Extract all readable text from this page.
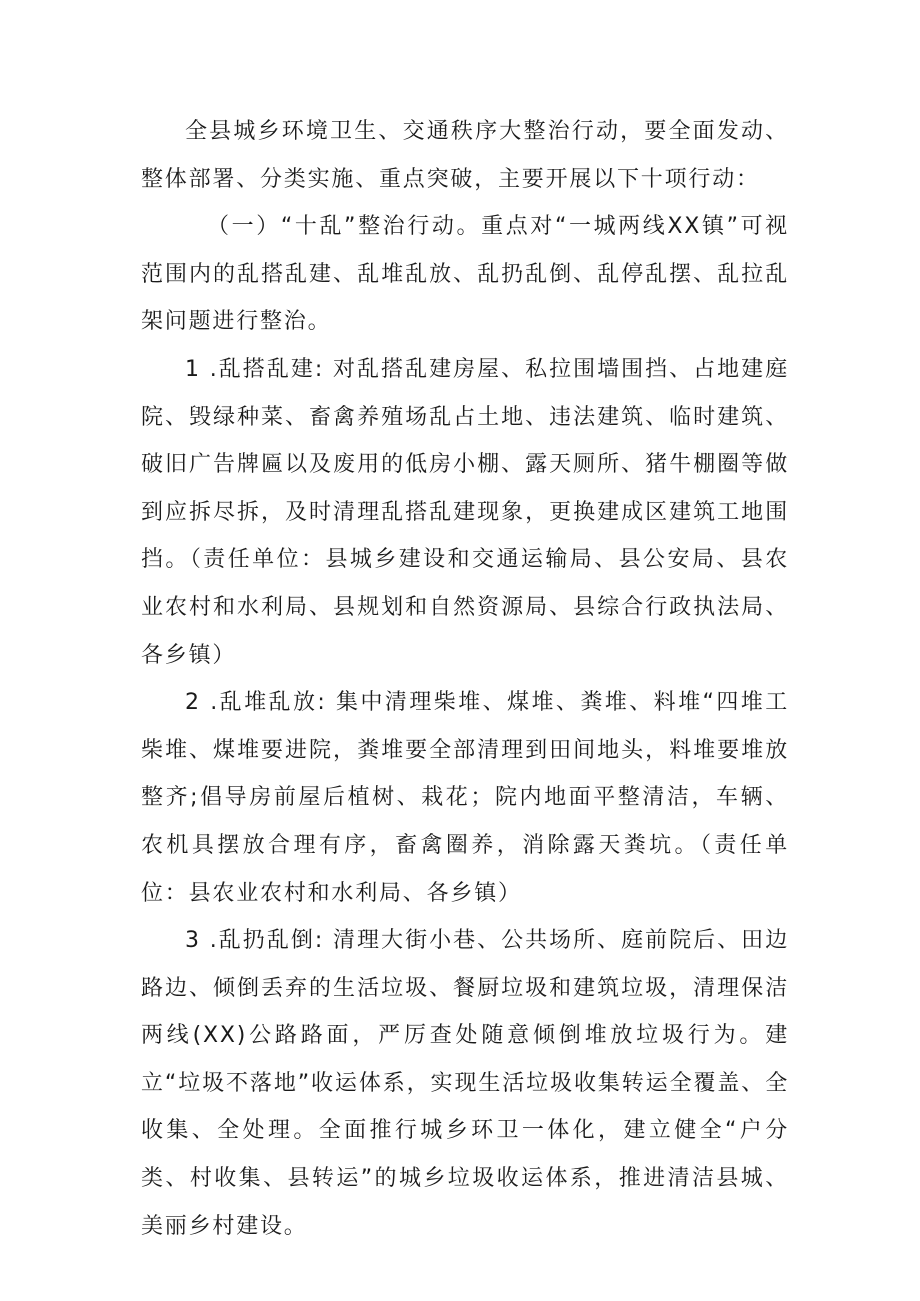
全县城乡环境卫生、交通秩序大整治行动，要全面发动、整体部署、分类实施、重点突破，主要开展以下十项行动：

（一）“十乱”整治行动。重点对“一城两线XX镇”可视范围内的乱搭乱建、乱堆乱放、乱扔乱倒、乱停乱摆、乱拉乱架问题进行整治。

1 .乱搭乱建: 对乱搭乱建房屋、私拉围墙围挡、占地建庭院、毁绿种菜、畜禽养殖场乱占土地、违法建筑、临时建筑、破旧广告牌匾以及废用的低房小棚、露天厕所、猪牛棚圈等做到应拆尽拆，及时清理乱搭乱建现象，更换建成区建筑工地围挡。（责任单位：县城乡建设和交通运输局、县公安局、县农业农村和水利局、县规划和自然资源局、县综合行政执法局、各乡镇）

2 .乱堆乱放: 集中清理柴堆、煤堆、粪堆、料堆“四堆工柴堆、煤堆要进院，粪堆要全部清理到田间地头，料堆要堆放整齐;倡导房前屋后植树、栽花；院内地面平整清洁，车辆、农机具摆放合理有序，畜禽圈养，消除露天粪坑。（责任单位：县农业农村和水利局、各乡镇）

3 .乱扔乱倒: 清理大街小巷、公共场所、庭前院后、田边路边、倾倒丢弃的生活垃圾、餐厨垃圾和建筑垃圾，清理保洁两线(XX)公路路面，严厉查处随意倾倒堆放垃圾行为。建立“垃圾不落地”收运体系，实现生活垃圾收集转运全覆盖、全收集、全处理。全面推行城乡环卫一体化，建立健全“户分类、村收集、县转运”的城乡垃圾收运体系，推进清洁县城、美丽乡村建设。
